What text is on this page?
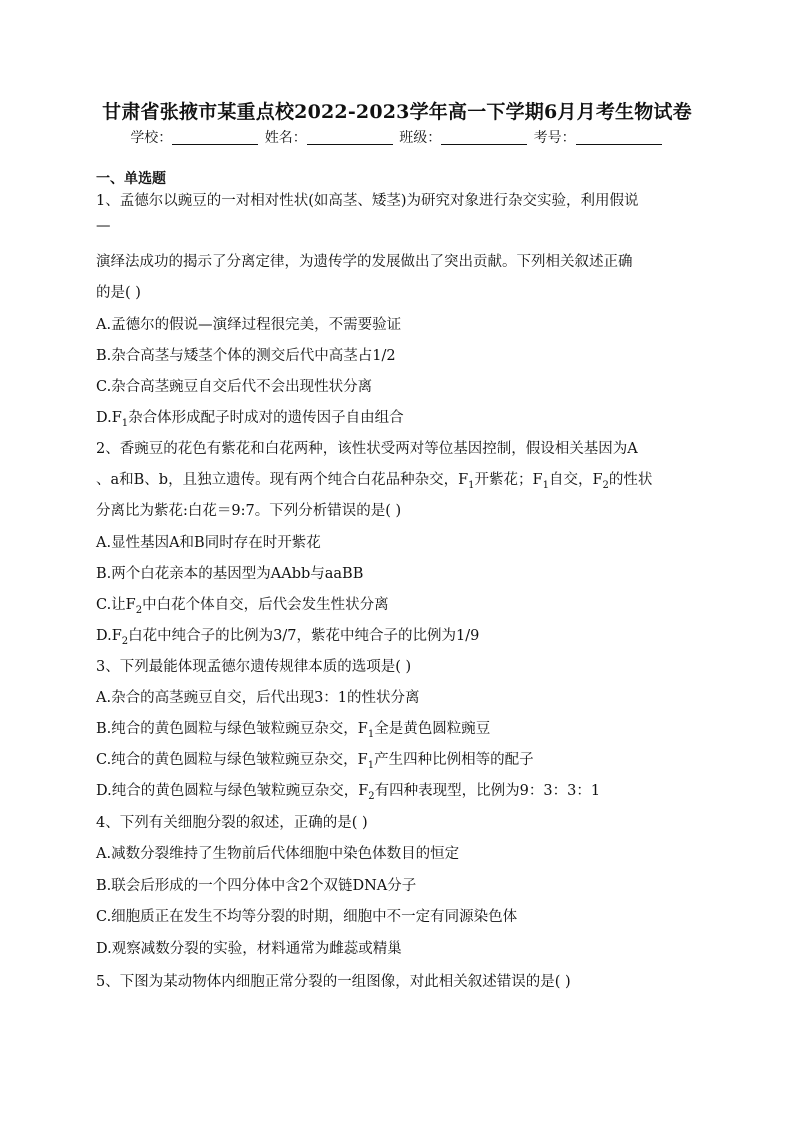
甘肃省张掖市某重点校2022-2023学年高一下学期6月月考生物试卷
学校：	姓名：	班级：	考号：
一、单选题
1、孟德尔以豌豆的一对相对性状(如高茎、矮茎)为研究对象进行杂交实验，利用假说
—
演绎法成功的揭示了分离定律，为遗传学的发展做出了突出贡献。下列相关叙述正确
的是( )
A.孟德尔的假说—演绎过程很完美，不需要验证
B.杂合高茎与矮茎个体的测交后代中高茎占1/2
C.杂合高茎豌豆自交后代不会出现性状分离
$D.F_1$杂合体形成配子时成对的遗传因子自由组合
2、香豌豆的花色有紫花和白花两种，该性状受两对等位基因控制，假设相关基因为A
、a和B、b，且独立遗传。现有两个纯合白花品种杂交，$F_1$开紫花；$F_1$自交，$F_2$的性状
分离比为紫花:白花＝9:7。下列分析错误的是( )
A.显性基因A和B同时存在时开紫花
B.两个白花亲本的基因型为AAbb与aaBB
C.让$F_2$中白花个体自交，后代会发生性状分离
$D.F_2$白花中纯合子的比例为3/7，紫花中纯合子的比例为1/9
3、下列最能体现孟德尔遗传规律本质的选项是( )
A.杂合的高茎豌豆自交，后代出现3：1的性状分离
B.纯合的黄色圆粒与绿色皱粒豌豆杂交，$F_1$全是黄色圆粒豌豆
C.纯合的黄色圆粒与绿色皱粒豌豆杂交，$F_1$产生四种比例相等的配子
D.纯合的黄色圆粒与绿色皱粒豌豆杂交，$F_2$有四种表现型，比例为9：3：3：1
4、下列有关细胞分裂的叙述，正确的是( )
A.减数分裂维持了生物前后代体细胞中染色体数目的恒定
B.联会后形成的一个四分体中含2个双链DNA分子
C.细胞质正在发生不均等分裂的时期，细胞中不一定有同源染色体
D.观察减数分裂的实验，材料通常为雌蕊或精巢
5、下图为某动物体内细胞正常分裂的一组图像，对此相关叙述错误的是( )
